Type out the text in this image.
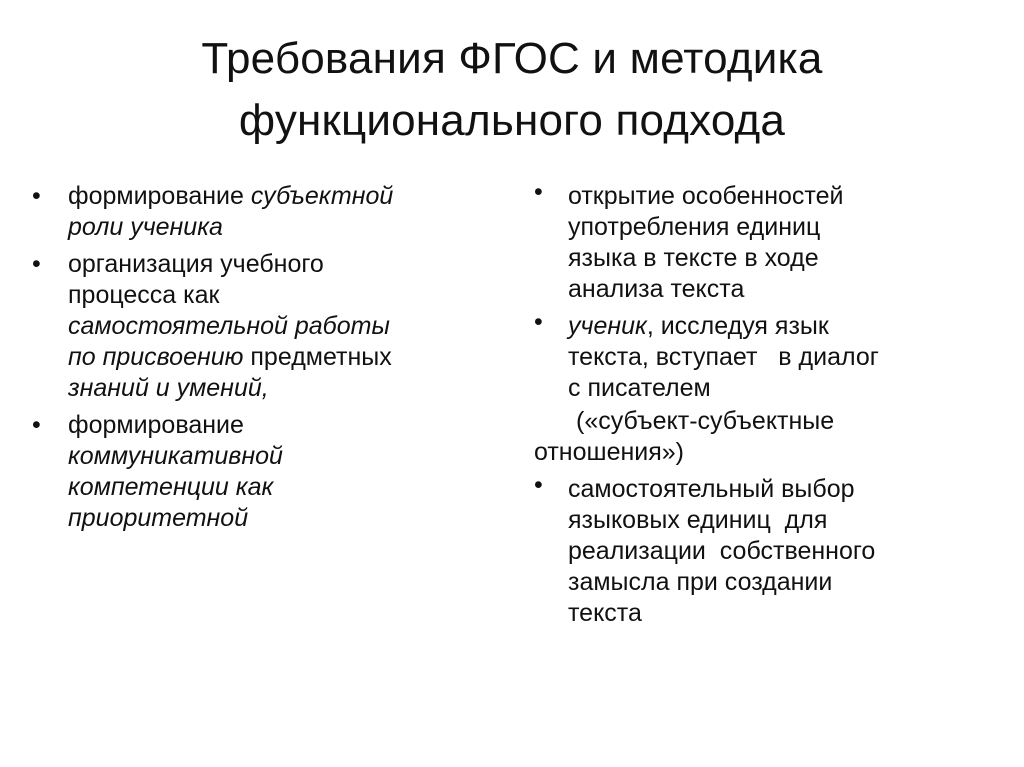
Требования ФГОС и методика
функционального подхода
• формирование субъектной
роли ученика
• организация учебного
процесса как
самостоятельной работы
по присвоению предметных
знаний и умений,
• формирование
коммуникативной
компетенции как
приоритетной
• открытие особенностей
употребления единиц
языка в тексте в ходе
анализа текста
• ученик, исследуя язык
текста, вступает   в диалог
с писателем
(«субъект-субъектные
отношения»)
• самостоятельный выбор
языковых единиц  для
реализации  собственного
замысла при создании
текста
